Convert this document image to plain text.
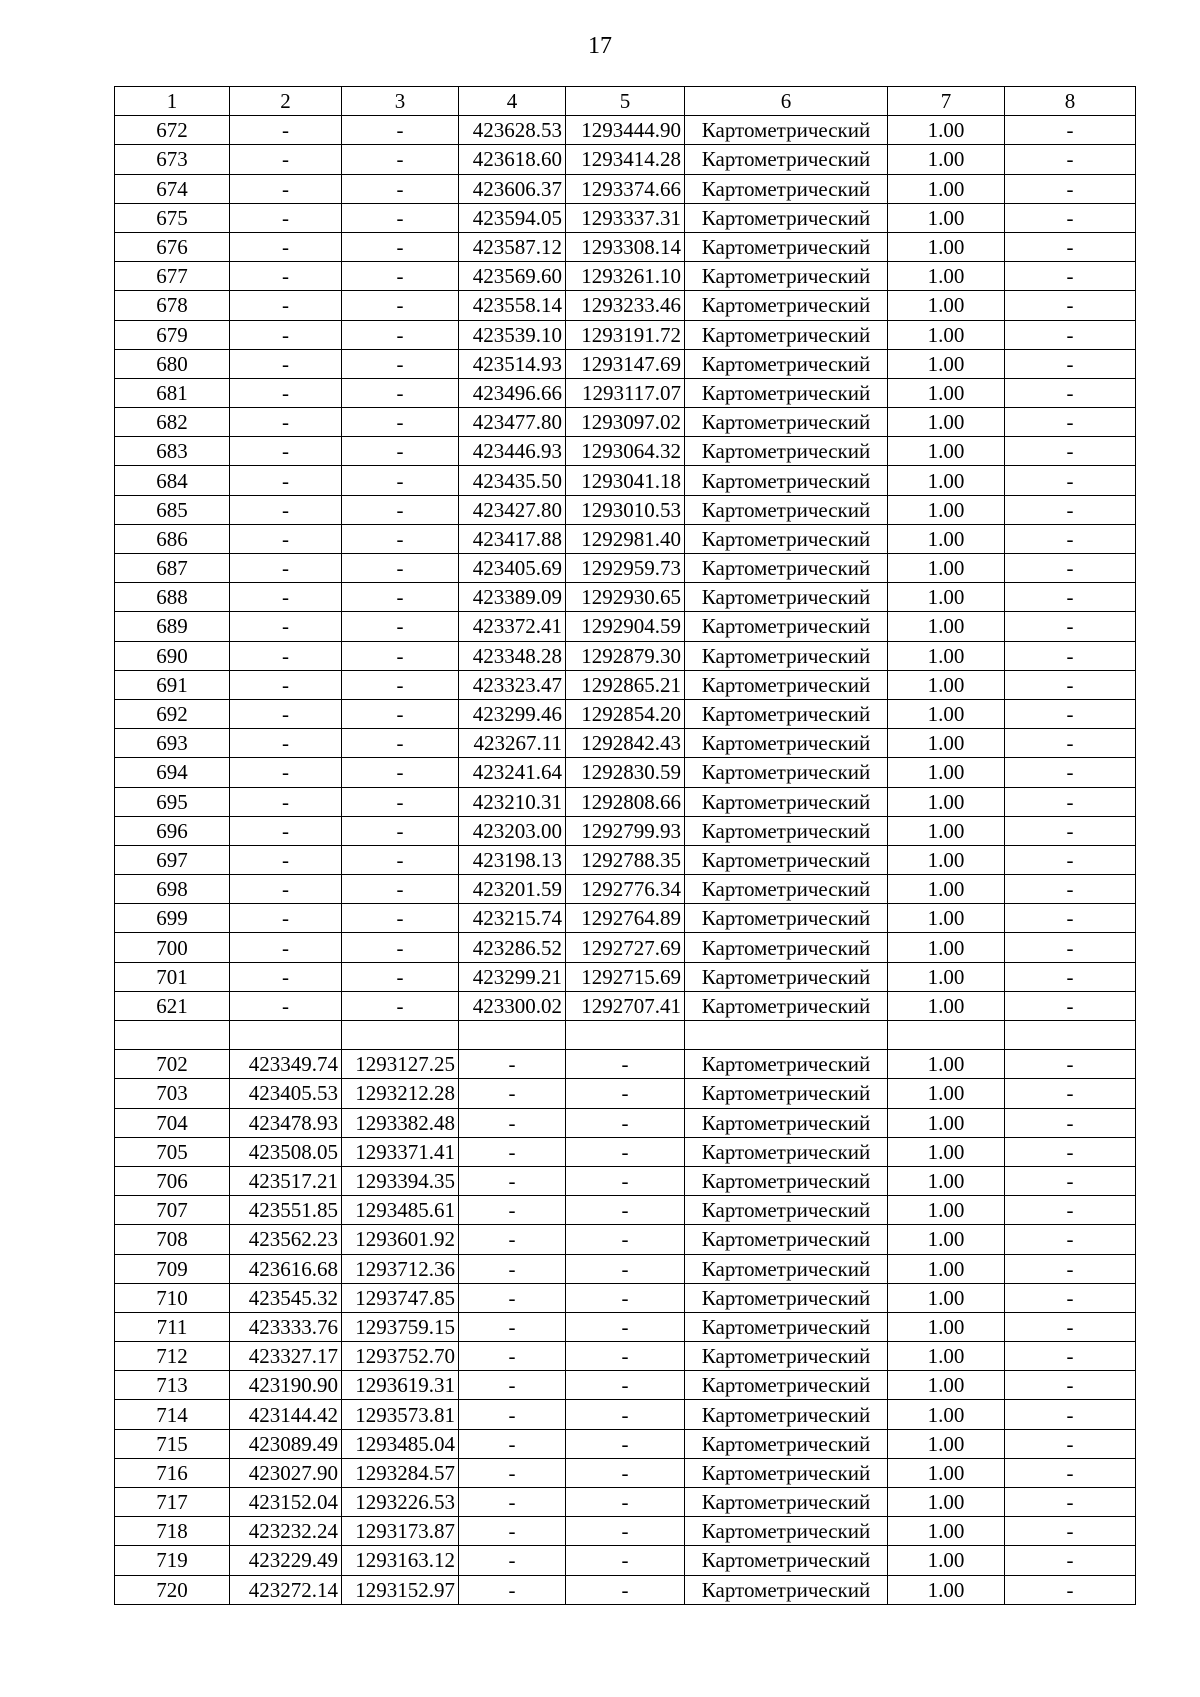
17
1	2	3	4	5	6	7	8
672	-	-	423628.53	1293444.90	Картометрический	1.00	-
673	-	-	423618.60	1293414.28	Картометрический	1.00	-
674	-	-	423606.37	1293374.66	Картометрический	1.00	-
675	-	-	423594.05	1293337.31	Картометрический	1.00	-
676	-	-	423587.12	1293308.14	Картометрический	1.00	-
677	-	-	423569.60	1293261.10	Картометрический	1.00	-
678	-	-	423558.14	1293233.46	Картометрический	1.00	-
679	-	-	423539.10	1293191.72	Картометрический	1.00	-
680	-	-	423514.93	1293147.69	Картометрический	1.00	-
681	-	-	423496.66	1293117.07	Картометрический	1.00	-
682	-	-	423477.80	1293097.02	Картометрический	1.00	-
683	-	-	423446.93	1293064.32	Картометрический	1.00	-
684	-	-	423435.50	1293041.18	Картометрический	1.00	-
685	-	-	423427.80	1293010.53	Картометрический	1.00	-
686	-	-	423417.88	1292981.40	Картометрический	1.00	-
687	-	-	423405.69	1292959.73	Картометрический	1.00	-
688	-	-	423389.09	1292930.65	Картометрический	1.00	-
689	-	-	423372.41	1292904.59	Картометрический	1.00	-
690	-	-	423348.28	1292879.30	Картометрический	1.00	-
691	-	-	423323.47	1292865.21	Картометрический	1.00	-
692	-	-	423299.46	1292854.20	Картометрический	1.00	-
693	-	-	423267.11	1292842.43	Картометрический	1.00	-
694	-	-	423241.64	1292830.59	Картометрический	1.00	-
695	-	-	423210.31	1292808.66	Картометрический	1.00	-
696	-	-	423203.00	1292799.93	Картометрический	1.00	-
697	-	-	423198.13	1292788.35	Картометрический	1.00	-
698	-	-	423201.59	1292776.34	Картометрический	1.00	-
699	-	-	423215.74	1292764.89	Картометрический	1.00	-
700	-	-	423286.52	1292727.69	Картометрический	1.00	-
701	-	-	423299.21	1292715.69	Картометрический	1.00	-
621	-	-	423300.02	1292707.41	Картометрический	1.00	-

702	423349.74	1293127.25	-	-	Картометрический	1.00	-
703	423405.53	1293212.28	-	-	Картометрический	1.00	-
704	423478.93	1293382.48	-	-	Картометрический	1.00	-
705	423508.05	1293371.41	-	-	Картометрический	1.00	-
706	423517.21	1293394.35	-	-	Картометрический	1.00	-
707	423551.85	1293485.61	-	-	Картометрический	1.00	-
708	423562.23	1293601.92	-	-	Картометрический	1.00	-
709	423616.68	1293712.36	-	-	Картометрический	1.00	-
710	423545.32	1293747.85	-	-	Картометрический	1.00	-
711	423333.76	1293759.15	-	-	Картометрический	1.00	-
712	423327.17	1293752.70	-	-	Картометрический	1.00	-
713	423190.90	1293619.31	-	-	Картометрический	1.00	-
714	423144.42	1293573.81	-	-	Картометрический	1.00	-
715	423089.49	1293485.04	-	-	Картометрический	1.00	-
716	423027.90	1293284.57	-	-	Картометрический	1.00	-
717	423152.04	1293226.53	-	-	Картометрический	1.00	-
718	423232.24	1293173.87	-	-	Картометрический	1.00	-
719	423229.49	1293163.12	-	-	Картометрический	1.00	-
720	423272.14	1293152.97	-	-	Картометрический	1.00	-
